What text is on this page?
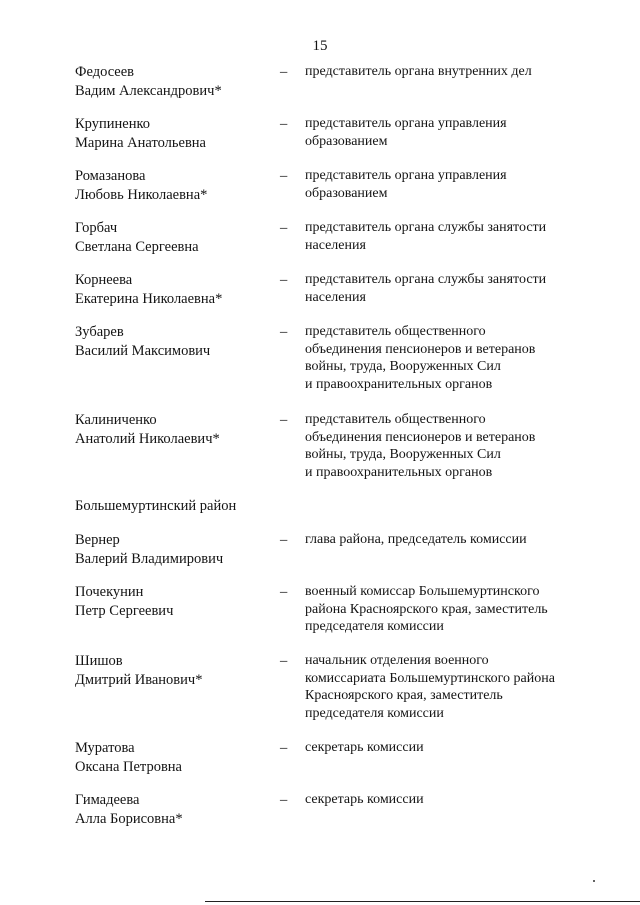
15
Федосеев
Вадим Александрович*
– представитель органа внутренних дел
Крупиненко
Марина Анатольевна
– представитель органа управления
образованием
Ромазанова
Любовь Николаевна*
– представитель органа управления
образованием
Горбач
Светлана Сергеевна
– представитель органа службы занятости
населения
Корнеева
Екатерина Николаевна*
– представитель органа службы занятости
населения
Зубарев
Василий Максимович
– представитель общественного
объединения пенсионеров и ветеранов
войны, труда, Вооруженных Сил
и правоохранительных органов
Калиниченко
Анатолий Николаевич*
– представитель общественного
объединения пенсионеров и ветеранов
войны, труда, Вооруженных Сил
и правоохранительных органов
Большемуртинский район
Вернер
Валерий Владимирович
– глава района, председатель комиссии
Почекунин
Петр Сергеевич
– военный комиссар Большемуртинского
района Красноярского края, заместитель
председателя комиссии
Шишов
Дмитрий Иванович*
– начальник отделения военного
комиссариата Большемуртинского района
Красноярского края, заместитель
председателя комиссии
Муратова
Оксана Петровна
– секретарь комиссии
Гимадеева
Алла Борисовна*
– секретарь комиссии
